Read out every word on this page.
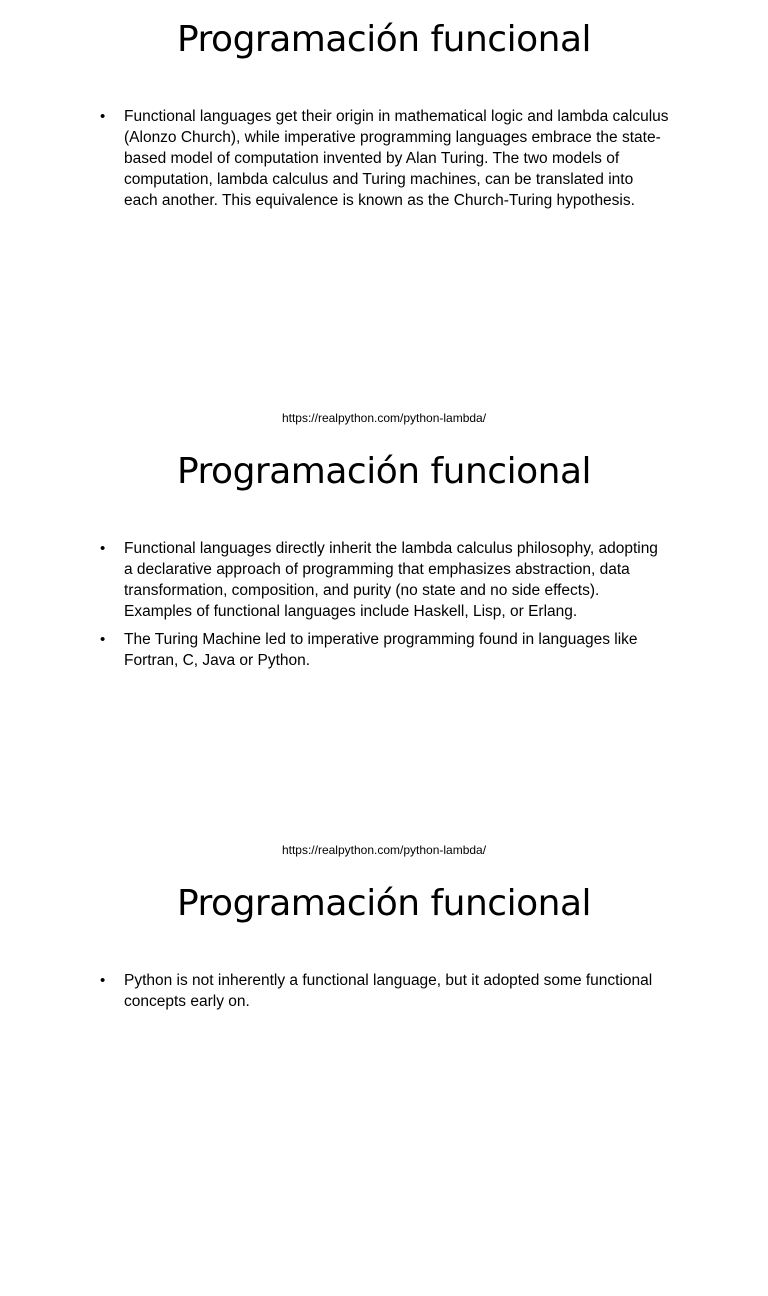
Programación funcional
• Functional languages get their origin in mathematical logic and lambda calculus (Alonzo Church), while imperative programming languages embrace the state-based model of computation invented by Alan Turing. The two models of computation, lambda calculus and Turing machines, can be translated into each another. This equivalence is known as the Church-Turing hypothesis.
https://realpython.com/python-lambda/
Programación funcional
• Functional languages directly inherit the lambda calculus philosophy, adopting a declarative approach of programming that emphasizes abstraction, data transformation, composition, and purity (no state and no side effects). Examples of functional languages include Haskell, Lisp, or Erlang.
• The Turing Machine led to imperative programming found in languages like Fortran, C, Java or Python.
https://realpython.com/python-lambda/
Programación funcional
• Python is not inherently a functional language, but it adopted some functional concepts early on.
